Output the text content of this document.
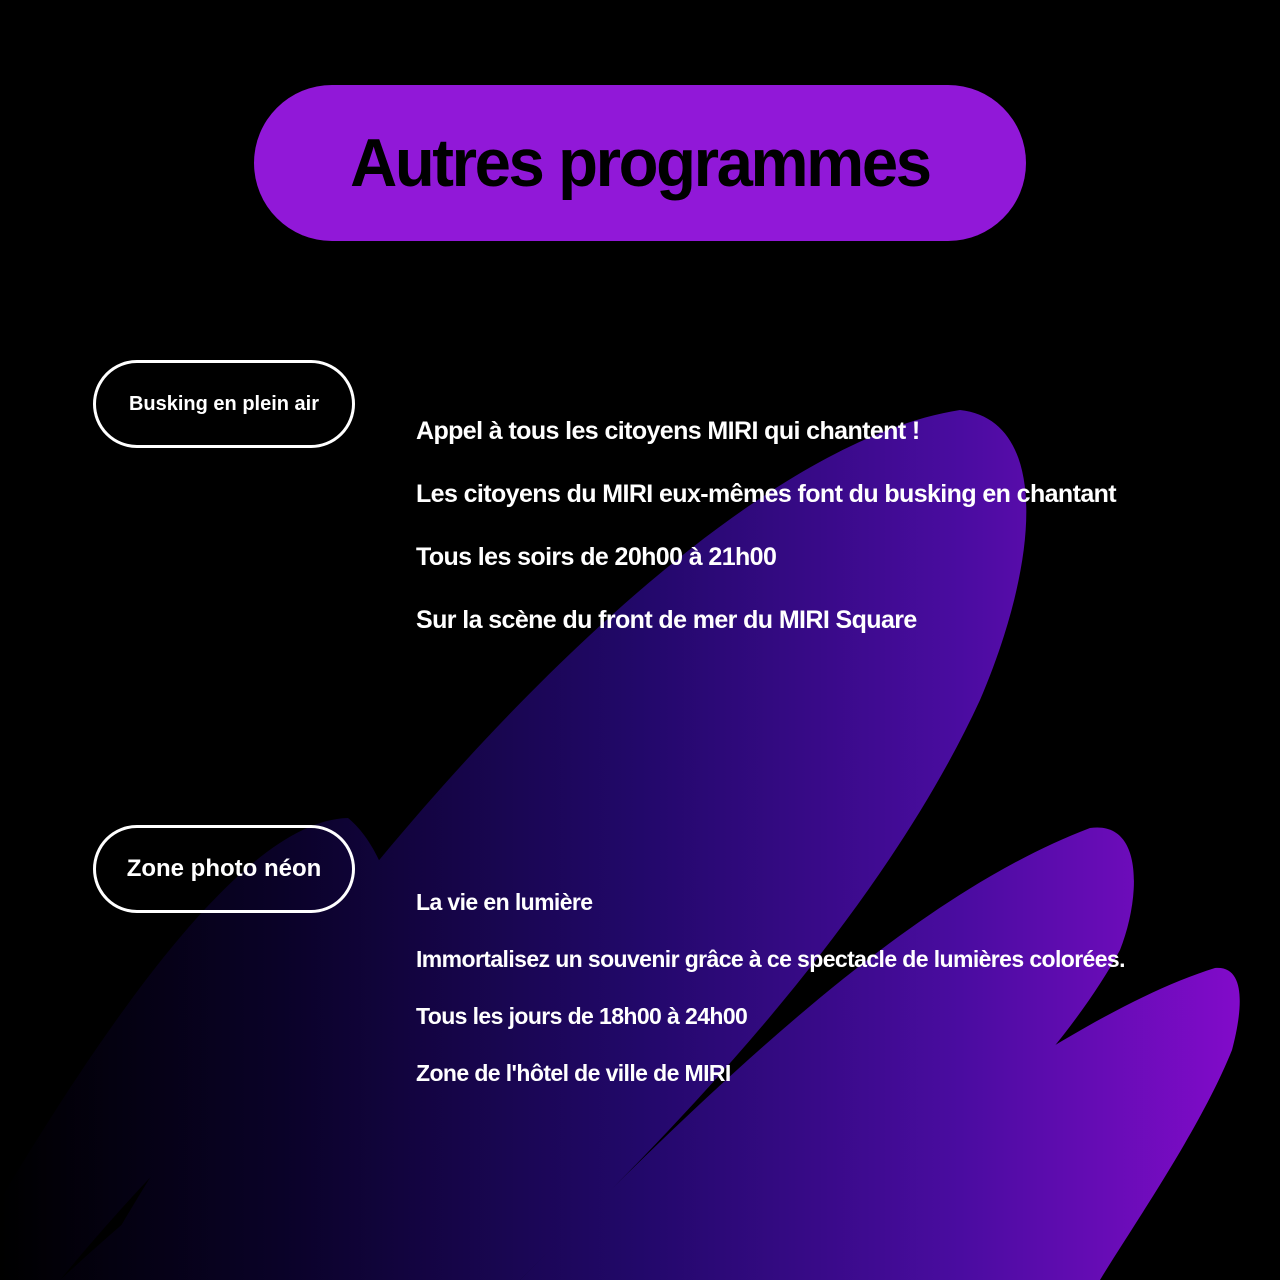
Autres programmes
Busking en plein air

Appel à tous les citoyens MIRI qui chantent !

Les citoyens du MIRI eux-mêmes font du busking en chantant

Tous les soirs de 20h00 à 21h00

Sur la scène du front de mer du MIRI Square

Zone photo néon

La vie en lumière

Immortalisez un souvenir grâce à ce spectacle de lumières colorées.

Tous les jours de 18h00 à 24h00

Zone de l'hôtel de ville de MIRI
